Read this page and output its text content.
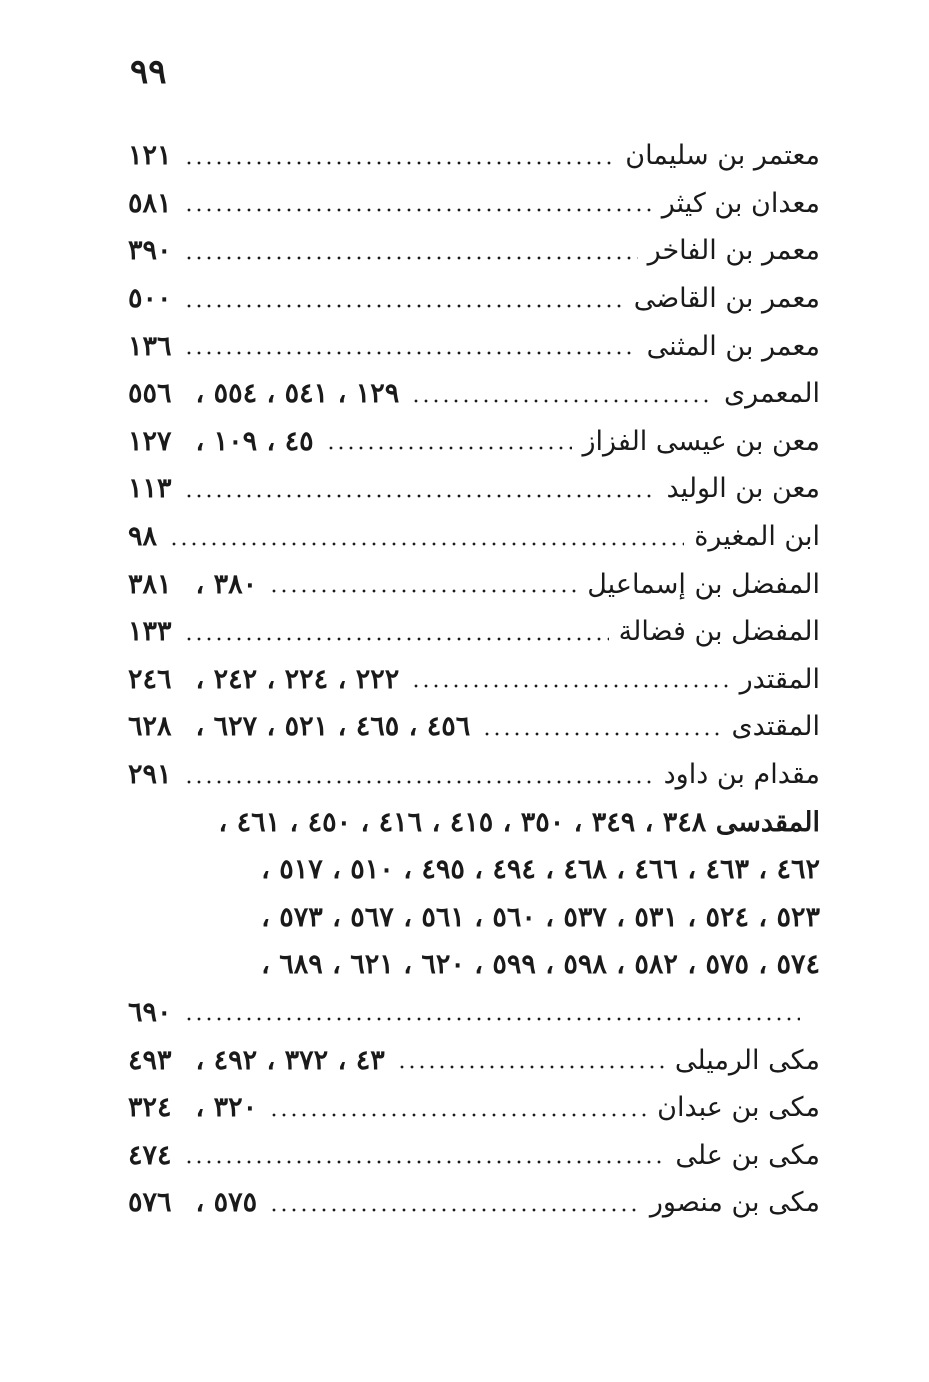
٩٩
معتمر بن سليمان
١٢١
معدان بن كيثر
٥٨١
معمر بن الفاخر
٣٩٠
معمر بن القاضى
٥٠٠
معمر بن المثنى
١٣٦
المعمرى
١٢٩ ، ٥٤١ ، ٥٥٤ ،
٥٥٦
معن بن عيسى الفزاز
٤٥ ، ١٠٩ ،
١٢٧
معن بن الوليد
١١٣
ابن المغيرة
٩٨
المفضل بن إسماعيل
٣٨٠ ،
٣٨١
المفضل بن فضالة
١٣٣
المقتدر
٢٢٢ ، ٢٢٤ ، ٢٤٢ ،
٢٤٦
المقتدى
٤٥٦ ، ٤٦٥ ، ٥٢١ ، ٦٢٧ ،
٦٢٨
مقدام بن داود
٢٩١
المقدسى ٣٤٨ ، ٣٤٩ ، ٣٥٠ ، ٤١٥ ، ٤١٦ ، ٤٥٠ ، ٤٦١ ،
٤٦٢ ، ٤٦٣ ، ٤٦٦ ، ٤٦٨ ، ٤٩٤ ، ٤٩٥ ، ٥١٠ ، ٥١٧ ،
٥٢٣ ، ٥٢٤ ، ٥٣١ ، ٥٣٧ ، ٥٦٠ ، ٥٦١ ، ٥٦٧ ، ٥٧٣ ،
٥٧٤ ، ٥٧٥ ، ٥٨٢ ، ٥٩٨ ، ٥٩٩ ، ٦٢٠ ، ٦٢١ ، ٦٨٩ ،
٦٩٠
مكى الرميلى
٤٣ ، ٣٧٢ ، ٤٩٢ ،
٤٩٣
مكى بن عبدان
٣٢٠ ،
٣٢٤
مكى بن على
٤٧٤
مكى بن منصور
٥٧٥ ،
٥٧٦
